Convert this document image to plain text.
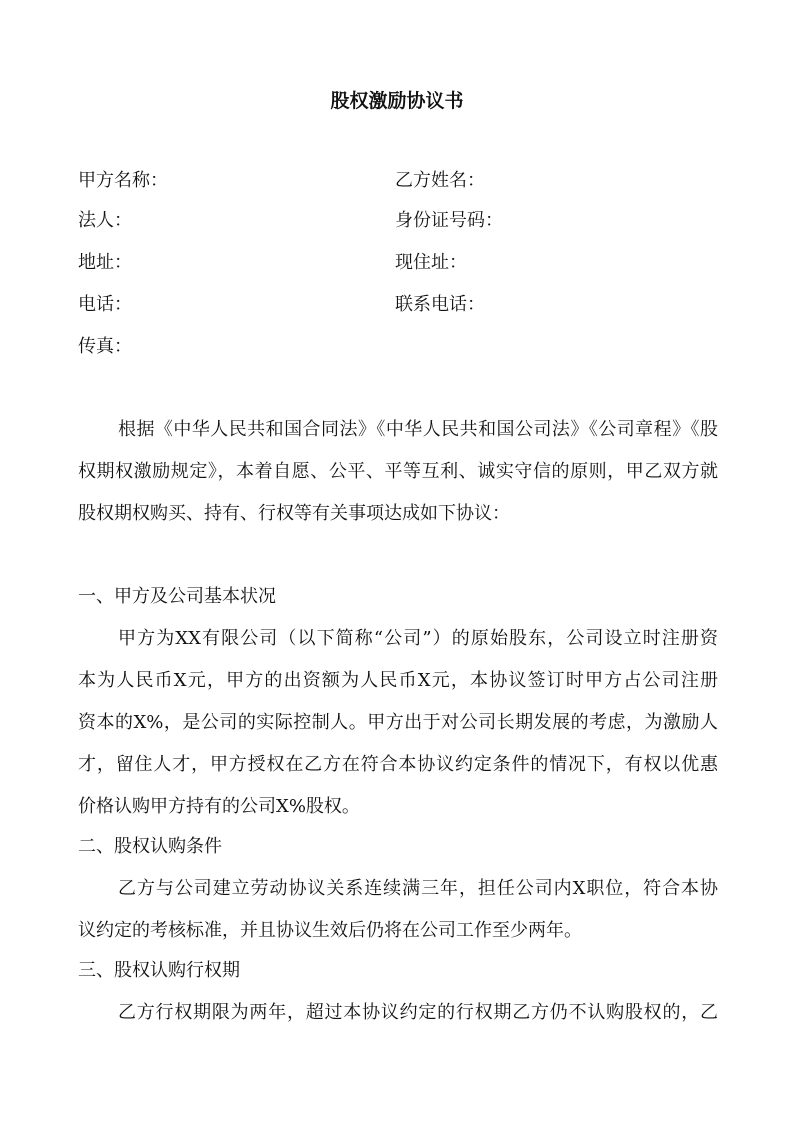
股权激励协议书
甲方名称：	乙方姓名：
法人：	身份证号码：
地址：	现住址：
电话：	联系电话：
传真：
根据《中华人民共和国合同法》《中华人民共和国公司法》《公司章程》《股
权期权激励规定》，本着自愿、公平、平等互利、诚实守信的原则，甲乙双方就
股权期权购买、持有、行权等有关事项达成如下协议：
一、甲方及公司基本状况
甲方为XX有限公司（以下简称“公司”）的原始股东，公司设立时注册资
本为人民币X元，甲方的出资额为人民币X元，本协议签订时甲方占公司注册
资本的X%，是公司的实际控制人。甲方出于对公司长期发展的考虑，为激励人
才，留住人才，甲方授权在乙方在符合本协议约定条件的情况下，有权以优惠
价格认购甲方持有的公司X%股权。
二、股权认购条件
乙方与公司建立劳动协议关系连续满三年，担任公司内X职位，符合本协
议约定的考核标准，并且协议生效后仍将在公司工作至少两年。
三、股权认购行权期
乙方行权期限为两年，超过本协议约定的行权期乙方仍不认购股权的，乙
